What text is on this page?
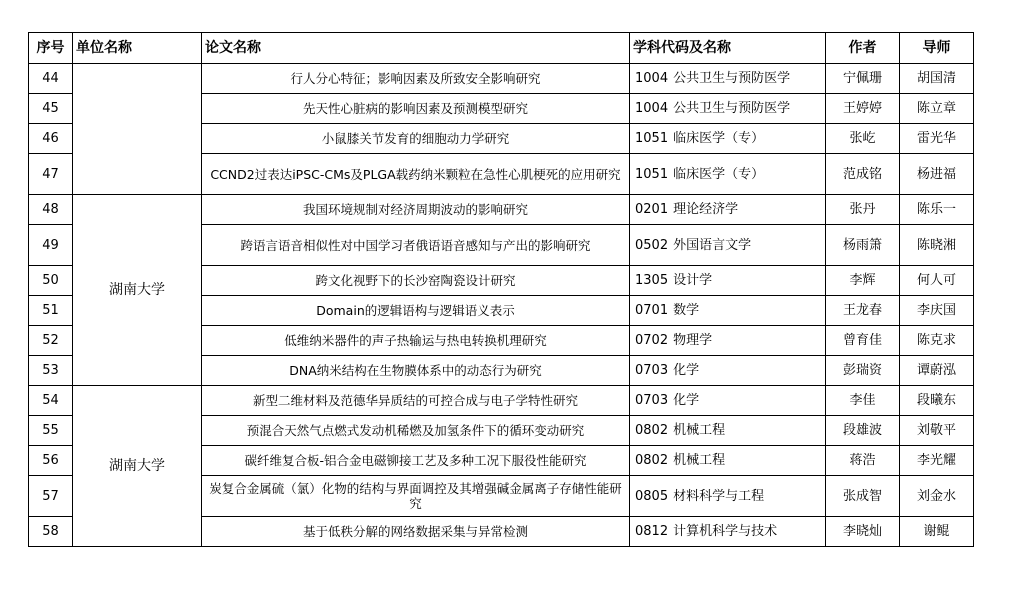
序号	单位名称	论文名称	学科代码及名称	作者	导师
44		行人分心特征；影响因素及所致安全影响研究	1004 公共卫生与预防医学	宁佩珊	胡国清
45		先天性心脏病的影响因素及预测模型研究	1004 公共卫生与预防医学	王婷婷	陈立章
46		小鼠膝关节发育的细胞动力学研究	1051 临床医学（专）	张屹	雷光华
47		CCND2过表达iPSC-CMs及PLGA载药纳米颗粒在急性心肌梗死的应用研究	1051 临床医学（专）	范成铭	杨进福
48	湖南大学	我国环境规制对经济周期波动的影响研究	0201 理论经济学	张丹	陈乐一
49		跨语言语音相似性对中国学习者俄语语音感知与产出的影响研究	0502 外国语言文学	杨雨箫	陈晓湘
50		跨文化视野下的长沙窑陶瓷设计研究	1305 设计学	李辉	何人可
51		Domain的逻辑语构与逻辑语义表示	0701 数学	王龙春	李庆国
52		低维纳米器件的声子热输运与热电转换机理研究	0702 物理学	曾育佳	陈克求
53		DNA纳米结构在生物膜体系中的动态行为研究	0703 化学	彭瑞资	谭蔚泓
54	湖南大学	新型二维材料及范德华异质结的可控合成与电子学特性研究	0703 化学	李佳	段曦东
55		预混合天然气点燃式发动机稀燃及加氢条件下的循环变动研究	0802 机械工程	段雄波	刘敬平
56		碳纤维复合板-铝合金电磁铆接工艺及多种工况下服役性能研究	0802 机械工程	蒋浩	李光耀
57		炭复合金属硫（氯）化物的结构与界面调控及其增强碱金属离子存储性能研究	0805 材料科学与工程	张成智	刘金水
58		基于低秩分解的网络数据采集与异常检测	0812 计算机科学与技术	李晓灿	谢鲲
